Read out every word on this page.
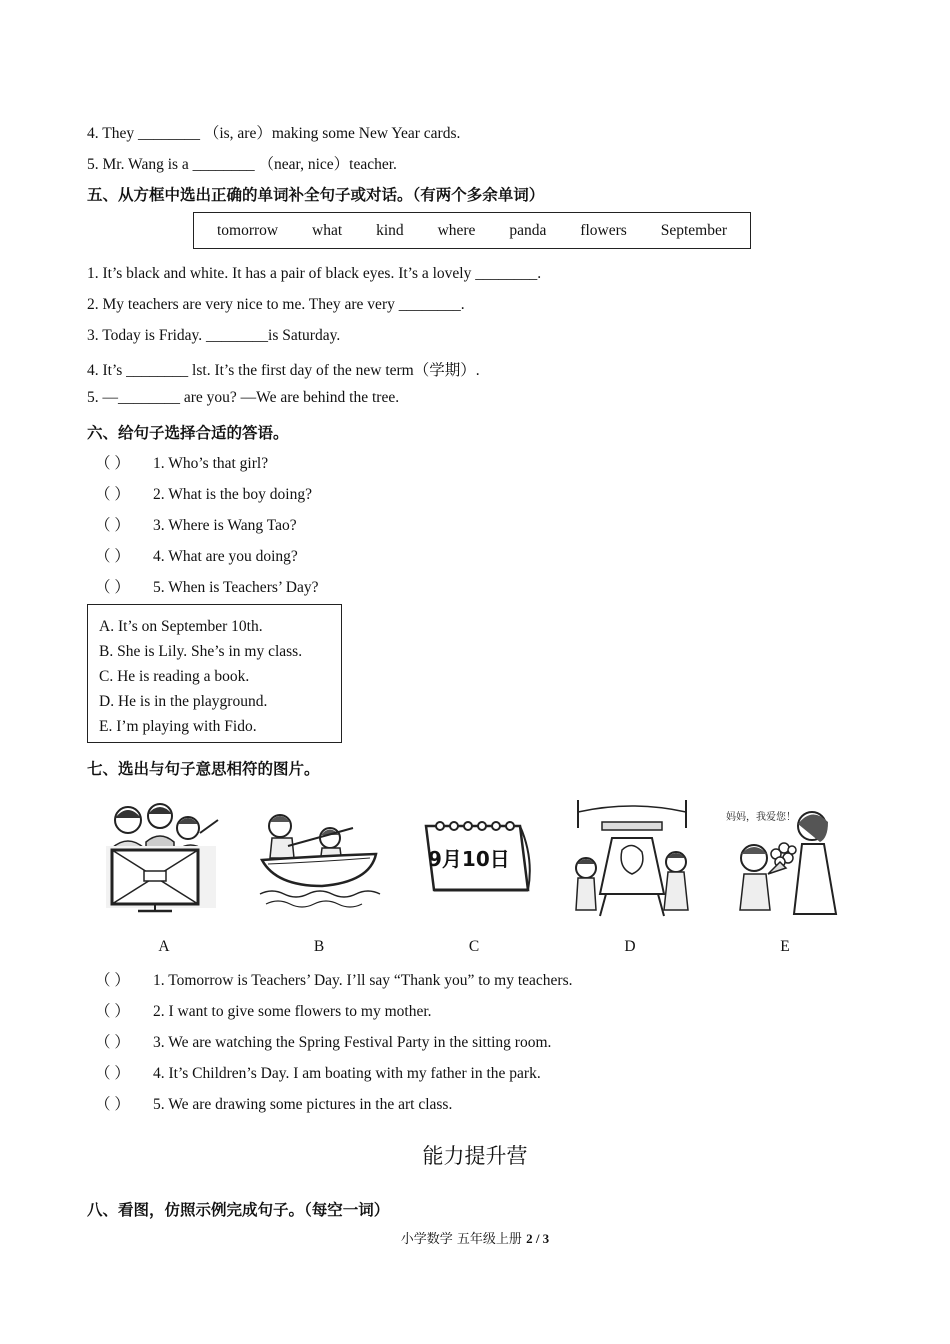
4. They ________ （is, are）making some New Year cards.
5. Mr. Wang is a ________ （near, nice）teacher.
五、从方框中选出正确的单词补全句子或对话。（有两个多余单词）
tomorrow what kind where panda flowers September
1. It’s black and white. It has a pair of black eyes. It’s a lovely ________.
2. My teachers are very nice to me. They are very ________.
3. Today is Friday. ________is Saturday.
4. It’s ________ lst. It’s the first day of the new term（学期）.
5. —________ are you? —We are behind the tree.
六、给句子选择合适的答语。
（ ） 1. Who’s that girl?
（ ） 2. What is the boy doing?
（ ） 3. Where is Wang Tao?
（ ） 4. What are you doing?
（ ） 5. When is Teachers’ Day?
A. It’s on September 10th.
B. She is Lily. She’s in my class.
C. He is reading a book.
D. He is in the playground.
E. I’m playing with Fido.
七、选出与句子意思相符的图片。
9月10日
妈妈，我爱您！
A	B	C	D	E
（ ） 1. Tomorrow is Teachers’ Day. I’ll say “Thank you” to my teachers.
（ ） 2. I want to give some flowers to my mother.
（ ） 3. We are watching the Spring Festival Party in the sitting room.
（ ） 4. It’s Children’s Day. I am boating with my father in the park.
（ ） 5. We are drawing some pictures in the art class.
能力提升营
八、看图，仿照示例完成句子。（每空一词）
小学数学 五年级上册 2 / 3
